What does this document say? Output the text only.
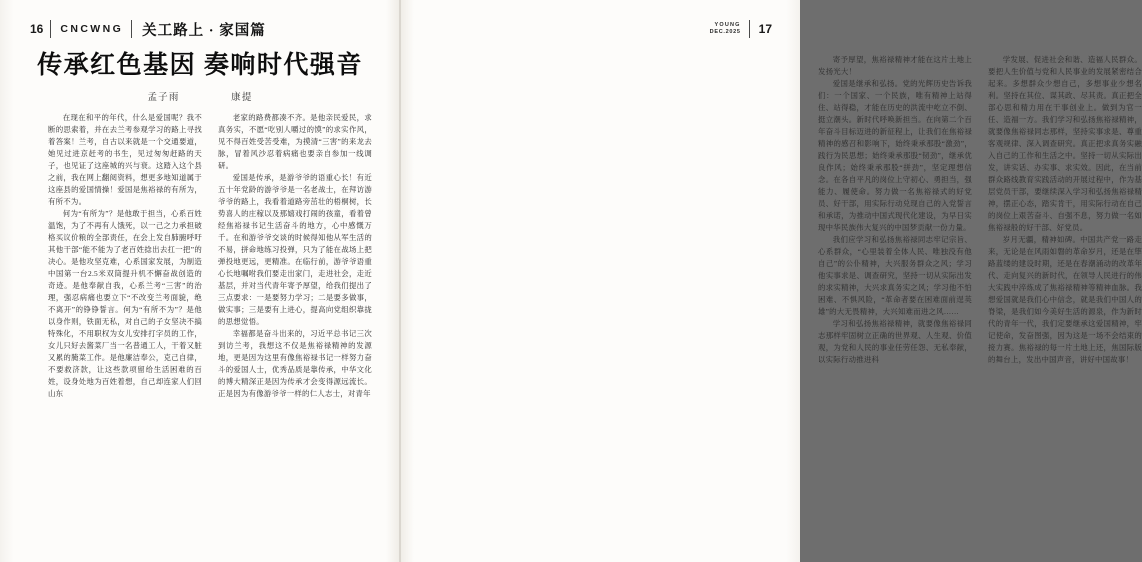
16	CNCWNG	关工路上 · 家国篇
传承红色基因 奏响时代强音
孟子雨	康提

在现在和平的年代，什么是爱国呢？我不断的思索着，并在去兰考参观学习的路上寻找着答案！兰考，自古以来就是一个交通要道，她见过进京赶考的书生，见过匆匆赶路的天子，也见证了这座城的兴与衰。这踏入这个县之前，我在网上翻阅资料，想更多地知道属于这座县的爱国情操！爱国是焦裕禄的有所为，有所不为。

何为“有所为”？是他敢于担当，心系百姓温饱，为了不再有人饿死，以一己之力承担破格买议价粮的全部责任，在会上发自肺腑呼吁其他干部“能不能为了老百姓捻出去扛一把”的决心。是他攻坚克难，心系国家发展，为制造中国第一台2.5米双筒提升机不懈奋战创造的奇迹。是他奉献自我，心系兰考“三害”的治理，强忍病痛也要立下“不改变兰考面貌，绝不离开”的铮铮誓言。何为“有所不为”？是他以身作则，铁面无私，对自己的子女坚决不搞特殊化，不用职权为女儿安排打字员的工作，女儿只好去酱菜厂当一名普通工人，干着又脏又累的腌菜工作。是他廉洁奉公，克己自律，不要救济款，让这些款项留给生活困难的百姓，设身处地为百姓着想，自己却连家人们回山东

老家的路费都凑不齐。是他亲民爱民，求真务实，不愿“吃别人嚼过的馍”的求实作风，见不得百姓受苦受难，为摸清“三害”的来龙去脉，冒着风沙忍着病痛也要亲自参加一线调研。

爱国是传承，是游爷爷的语重心长！有近五十年党龄的游爷爷是一名老战士，在拜访游爷爷的路上，我看着道路旁茁壮的梧桐树，长势喜人的庄稼以及那嬉戏打闹的孩童，看着曾经焦裕禄书记生活奋斗的地方，心中感慨万千。在和游爷爷交谈的时候得知他从军生活的不易，拼命地练习投弹，只为了能在战场上把弹投地更远，更精准。在临行前，游爷爷语重心长地嘱咐我们要走出家门，走进社会，走近基层，并对当代青年寄予厚望，给我们提出了三点要求：一是要努力学习；二是要多做事，做实事；三是要有上进心，提高向党组织靠拢的思想觉悟。

幸福都是奋斗出来的，习近平总书记三次到访兰考，我想这不仅是焦裕禄精神的发源地，更是因为这里有像焦裕禄书记一样努力奋斗的爱国人士，优秀品质是靠传承，中华文化的博大精深正是因为传承才会变得源远流长。正是因为有像游爷爷一样的仁人志士，对青年

YOUNG
DEC.2025	17

寄予厚望，焦裕禄精神才能在这片土地上发扬光大！

爱国是继承和弘扬。党的光辉历史告诉我们：一个国家、一个民族，唯有精神上站得住、站得稳，才能在历史的洪流中屹立不倒、挺立潮头。新时代呼唤新担当。在向第二个百年奋斗目标迈进的新征程上，让我们在焦裕禄精神的感召和影响下，始终秉承那股“激劲”，践行为民思想；始终秉承那股“韧劲”，继承优良作风；始终秉承那股“拼劲”，坚定理想信念。在各自平凡的岗位上守初心、勇担当，强能力、履使命。努力做一名焦裕禄式的好党员、好干部，用实际行动兑现自己的入党誓言和承诺，为推动中国式现代化建设，为早日实现中华民族伟大复兴的中国梦贡献一份力量。

我们应学习和弘扬焦裕禄同志牢记宗旨、心系群众，“心里装着全体人民、唯独没有他自己”的公仆精神，大兴服务群众之风；学习他实事求是、调查研究，坚持一切从实际出发的求实精神，大兴求真务实之风；学习他不怕困难、不惧风险，“革命者要在困难面前逞英雄”的大无畏精神，大兴知难而进之风……

学习和弘扬焦裕禄精神，就要像焦裕禄同志那样牢固树立正确的世界观、人生观、价值观，为党和人民的事业任劳任怨、无私奉献，以实际行动推进科

学发展、促进社会和谐、造福人民群众。要把人生价值与党和人民事业的发展紧密结合起来。多想群众少想自己，多想事业少想名利。坚持在其位、谋其政、尽其责。真正把全部心思和精力用在干事创业上。做到为官一任、造福一方。我们学习和弘扬焦裕禄精神，就要像焦裕禄同志那样，坚持实事求是、尊重客观规律、深入调查研究。真正把求真务实融入自己的工作和生活之中。坚持一切从实际出发，讲实话、办实事、求实效。因此，在当前群众路线教育实践活动的开展过程中，作为基层党员干部，要继续深入学习和弘扬焦裕禄精神，摆正心态，踏实肯干，用实际行动在自己的岗位上艰苦奋斗、自强不息，努力做一名如焦裕禄般的好干部、好党员。

岁月无疆，精神如碑。中国共产党一路走来，无论是在风雨如磐的革命岁月，还是在筚路蓝缕的建设时期，还是在春潮涌动的改革年代、走向复兴的新时代，在领导人民进行的伟大实践中淬炼成了焦裕禄精神等精神血脉。我想爱国就是我们心中信念，就是我们中国人的脊梁，是我们如今美好生活的源泉，作为新时代的青年一代，我们定要继承这爱国精神，牢记使命，发奋图强，因为这是一场不会结束的接力赛。焦裕禄的每一片土地上还，焦国际版的舞台上，发出中国声音，讲好中国故事！
